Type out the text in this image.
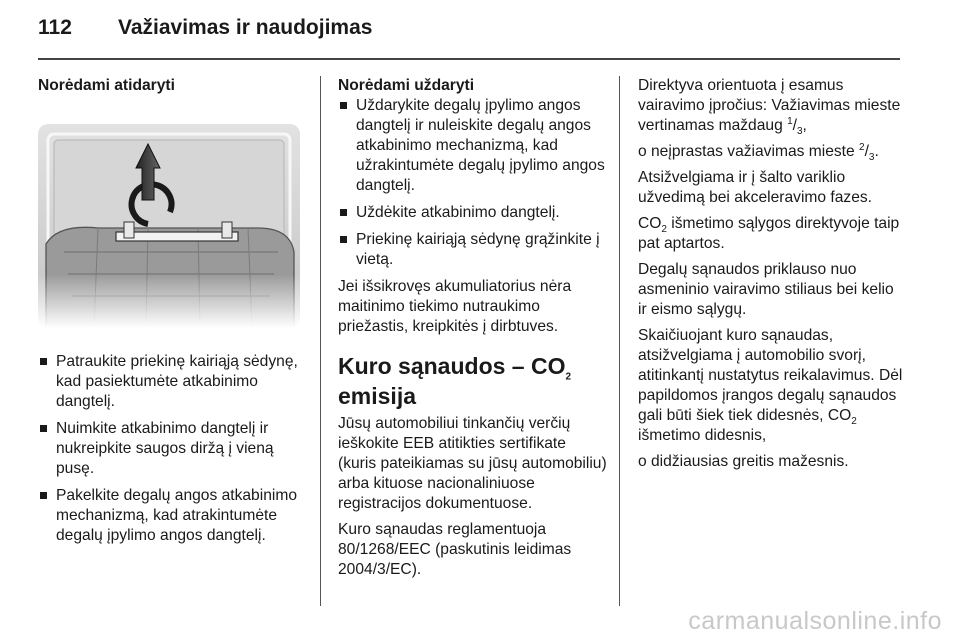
112	Važiavimas ir naudojimas
Norėdami atidaryti
Patraukite priekinę kairiąją sėdynę, kad pasiektumėte atkabinimo dangtelį.
Nuimkite atkabinimo dangtelį ir nukreipkite saugos diržą į vieną pusę.
Pakelkite degalų angos atkabinimo mechanizmą, kad atrakintumėte degalų įpylimo angos dangtelį.
Norėdami uždaryti
Uždarykite degalų įpylimo angos dangtelį ir nuleiskite degalų angos atkabinimo mechanizmą, kad užrakintumėte degalų įpylimo angos dangtelį.
Uždėkite atkabinimo dangtelį.
Priekinę kairiąją sėdynę grąžinkite į vietą.

Jei išsikrovęs akumuliatorius nėra maitinimo tiekimo nutraukimo priežastis, kreipkitės į dirbtuves.

Kuro sąnaudos – $CO_2$
emisija

Jūsų automobiliui tinkančių verčių ieškokite EEB atitikties sertifikate (kuris pateikiamas su jūsų automobiliu) arba kituose nacionaliniuose registracijos dokumentuose.

Kuro sąnaudas reglamentuoja 80/1268/EEC (paskutinis leidimas 2004/3/EC).

Direktyva orientuota į esamus vairavimo įpročius: Važiavimas mieste vertinamas maždaug $^1/_3$,

o neįprastas važiavimas mieste $^2/_3$.

Atsižvelgiama ir į šalto variklio užvedimą bei akceleravimo fazes.

$CO_2$ išmetimo sąlygos direktyvoje taip pat aptartos.

Degalų sąnaudos priklauso nuo asmeninio vairavimo stiliaus bei kelio ir eismo sąlygų.

Skaičiuojant kuro sąnaudas, atsižvelgiama į automobilio svorį, atitinkantį nustatytus reikalavimus. Dėl papildomos įrangos degalų sąnaudos gali būti šiek tiek didesnės, $CO_2$ išmetimo didesnis,

o didžiausias greitis mažesnis.

carmanualsonline.info
